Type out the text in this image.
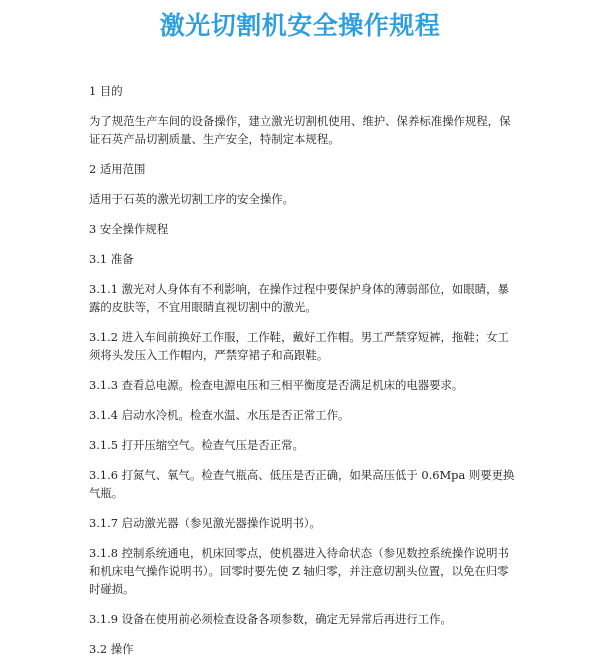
激光切割机安全操作规程

1 目的

为了规范生产车间的设备操作，建立激光切割机使用、维护、保养标准操作规程，保证石英产品切割质量、生产安全，特制定本规程。

2 适用范围

适用于石英的激光切割工序的安全操作。

3 安全操作规程

3.1 准备

3.1.1 激光对人身体有不利影响，在操作过程中要保护身体的薄弱部位，如眼睛，暴露的皮肤等，不宜用眼睛直视切割中的激光。

3.1.2 进入车间前换好工作服，工作鞋，戴好工作帽。男工严禁穿短裤，拖鞋；女工须将头发压入工作帽内，严禁穿裙子和高跟鞋。

3.1.3 查看总电源。检查电源电压和三相平衡度是否满足机床的电器要求。

3.1.4 启动水冷机。检查水温、水压是否正常工作。

3.1.5 打开压缩空气。检查气压是否正常。

3.1.6 打氮气、氧气。检查气瓶高、低压是否正确，如果高压低于 0.6Mpa 则要更换气瓶。

3.1.7 启动激光器（参见激光器操作说明书）。

3.1.8 控制系统通电，机床回零点，使机器进入待命状态（参见数控系统操作说明书和机床电气操作说明书）。回零时要先使 Z 轴归零，并注意切割头位置，以免在归零时碰损。

3.1.9 设备在使用前必须检查设备各项参数，确定无异常后再进行工作。

3.2 操作
